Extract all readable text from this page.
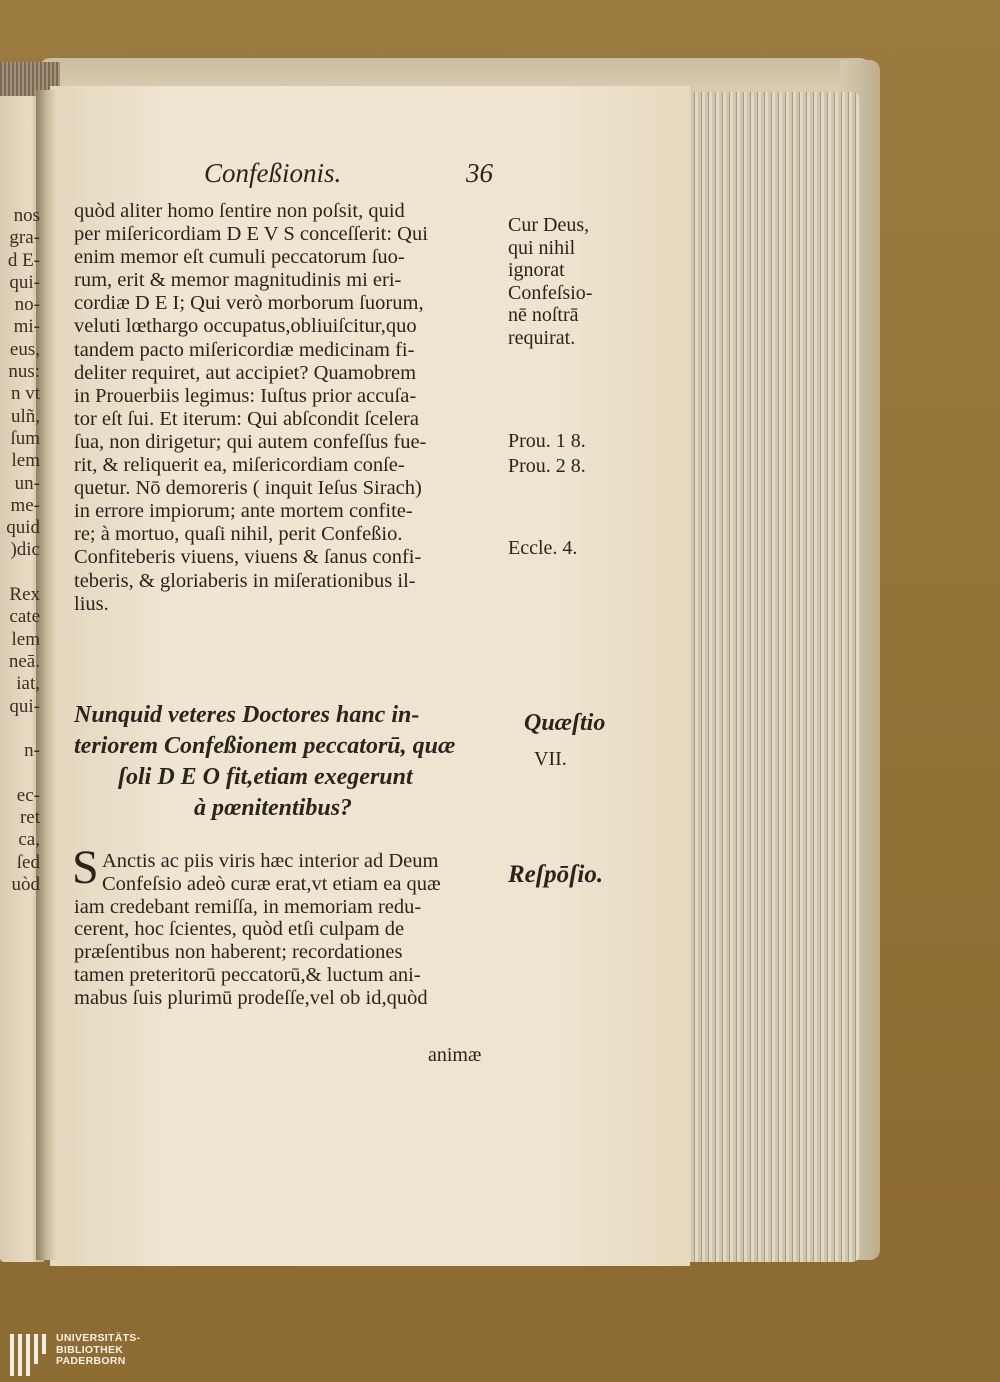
nos
gra-
d E-
qui-
no-
mi-
eus,
nus:
n vt
ulñ,
ſum
lem
un-
me-
quid
)dic
Rex
cate
lem
neā.
iat,
qui-
n-
ec-
ret
ca,
ſed
uòd
Confeßionis.	36
quòd aliter homo ſentire non poſsit, quid
per miſericordiam D E V S conceſſerit: Qui
enim memor eſt cumuli peccatorum ſuo-
rum, erit & memor magnitudinis mi eri-
cordiæ D E I; Qui verò morborum ſuorum,
veluti lœthargo occupatus,obliuiſcitur,quo
tandem pacto miſericordiæ medicinam fi-
deliter requiret, aut accipiet? Quamobrem
in Prouerbiis legimus: Iuſtus prior accuſa-
tor eſt ſui. Et iterum: Qui abſcondit ſcelera
ſua, non dirigetur; qui autem confeſſus fue-
rit, & reliquerit ea, miſericordiam conſe-
quetur. Nō demoreris ( inquit Ieſus Sirach)
in errore impiorum; ante mortem confite-
re; à mortuo, quaſi nihil, perit Confeßio.
Confiteberis viuens, viuens & ſanus confi-
teberis, & gloriaberis in miſerationibus il-
lius.
Cur Deus,
qui nihil
ignorat
Confeſsio-
nē noſtrā
requirat.
Prou. 1 8.
Prou. 2 8.
Eccle. 4.
Quæſtio
VII.
Reſpōſio.
Nunquid veteres Doctores hanc in-
teriorem Confeßionem peccatorū, quæ
ſoli D E O fit,etiam exegerunt
à pœnitentibus?
S Anctis ac piis viris hæc interior ad Deum
Confeſsio adeò curæ erat,vt etiam ea quæ
iam credebant remiſſa, in memoriam redu-
cerent, hoc ſcientes, quòd etſi culpam de
præſentibus non haberent; recordationes
tamen preteritorū peccatorū,& luctum ani-
mabus ſuis plurimū prodeſſe,vel ob id,quòd
animæ
UNIVERSITÄTS-
BIBLIOTHEK
PADERBORN
